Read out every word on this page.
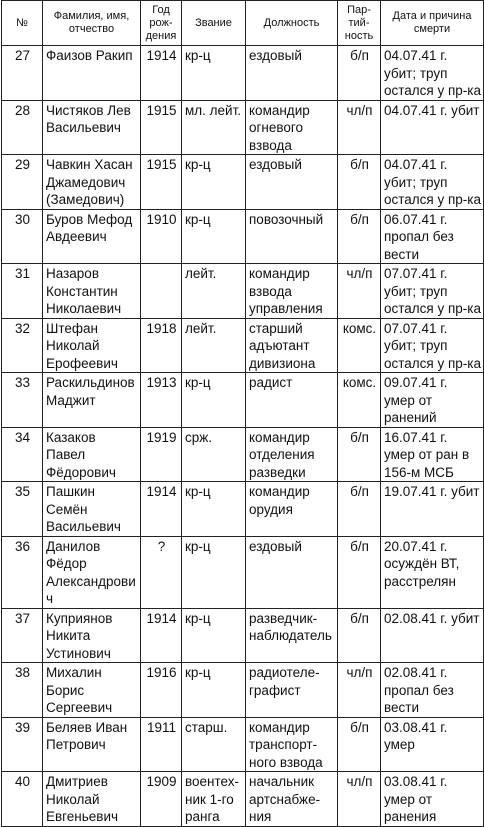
№	Фамилия, имя, отчество	Год рож-дения	Звание	Должность	Пар-тий-ность	Дата и причина смерти
27	Фаизов Ракип	1914	кр-ц	ездовый	б/п	04.07.41 г. убит; труп остался у пр-ка
28	Чистяков Лев Васильевич	1915	мл. лейт.	командир огневого взвода	чл/п	04.07.41 г. убит
29	Чавкин Хасан Джамедович (Замедович)	1915	кр-ц	ездовый	б/п	04.07.41 г. убит; труп остался у пр-ка
30	Буров Мефод Авдеевич	1910	кр-ц	повозочный	б/п	06.07.41 г. пропал без вести
31	Назаров Константин Николаевич		лейт.	командир взвода управления	чл/п	07.07.41 г. убит; труп остался у пр-ка
32	Штефан Николай Ерофеевич	1918	лейт.	старший адъютант дивизиона	комс.	07.07.41 г. убит; труп остался у пр-ка
33	Раскильдинов Маджит	1913	кр-ц	радист	комс.	09.07.41 г. умер от ранений
34	Казаков Павел Фёдорович	1919	срж.	командир отделения разведки	б/п	16.07.41 г. умер от ран в 156-м МСБ
35	Пашкин Семён Васильевич	1914	кр-ц	командир орудия	б/п	19.07.41 г. убит
36	Данилов Фёдор Александрович	?	кр-ц	ездовый	б/п	20.07.41 г. осуждён ВТ, расстрелян
37	Куприянов Никита Устинович	1914	кр-ц	разведчик-наблюдатель	б/п	02.08.41 г. убит
38	Михалин Борис Сергеевич	1916	кр-ц	радиотеле-графист	чл/п	02.08.41 г. пропал без вести
39	Беляев Иван Петрович	1911	старш.	командир транспорт-ного взвода	б/п	03.08.41 г. умер
40	Дмитриев Николай Евгеньевич	1909	воентех-ник 1-го ранга	начальник артснабже-ния	чл/п	03.08.41 г. умер от ранения
